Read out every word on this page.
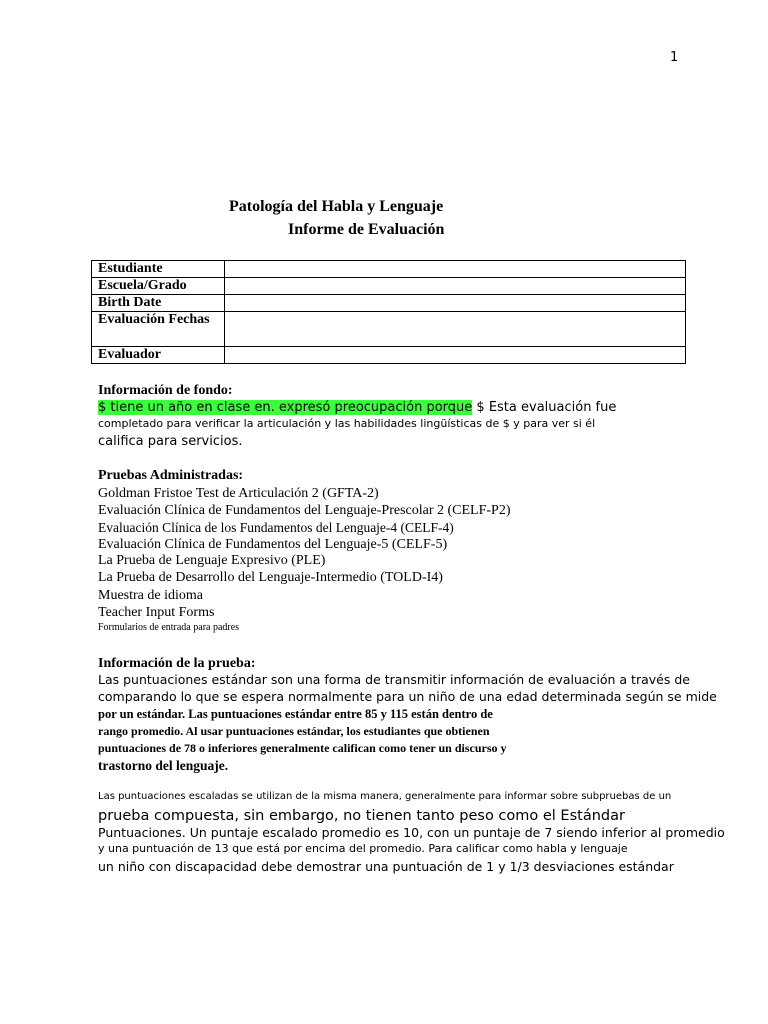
1
Patología del Habla y Lenguaje
Informe de Evaluación
Estudiante	
Escuela/Grado	
Birth Date	
Evaluación Fechas	
Evaluador	
Información de fondo:
$ tiene un año en clase en. expresó preocupación porque $ Esta evaluación fue
completado para verificar la articulación y las habilidades lingüísticas de $ y para ver si él
califica para servicios.
Pruebas Administradas:
Goldman Fristoe Test de Articulación 2 (GFTA-2)
Evaluación Clínica de Fundamentos del Lenguaje-Prescolar 2 (CELF-P2)
Evaluación Clínica de los Fundamentos del Lenguaje-4 (CELF-4)
Evaluación Clínica de Fundamentos del Lenguaje-5 (CELF-5)
La Prueba de Lenguaje Expresivo (PLE)
La Prueba de Desarrollo del Lenguaje-Intermedio (TOLD-I4)
Muestra de idioma
Teacher Input Forms
Formularios de entrada para padres
Información de la prueba:
Las puntuaciones estándar son una forma de transmitir información de evaluación a través de
comparando lo que se espera normalmente para un niño de una edad determinada según se mide
por un estándar. Las puntuaciones estándar entre 85 y 115 están dentro de
rango promedio. Al usar puntuaciones estándar, los estudiantes que obtienen
puntuaciones de 78 o inferiores generalmente califican como tener un discurso y
trastorno del lenguaje.
Las puntuaciones escaladas se utilizan de la misma manera, generalmente para informar sobre subpruebas de un
prueba compuesta, sin embargo, no tienen tanto peso como el Estándar
Puntuaciones. Un puntaje escalado promedio es 10, con un puntaje de 7 siendo inferior al promedio
y una puntuación de 13 que está por encima del promedio. Para calificar como habla y lenguaje
un niño con discapacidad debe demostrar una puntuación de 1 y 1/3 desviaciones estándar
